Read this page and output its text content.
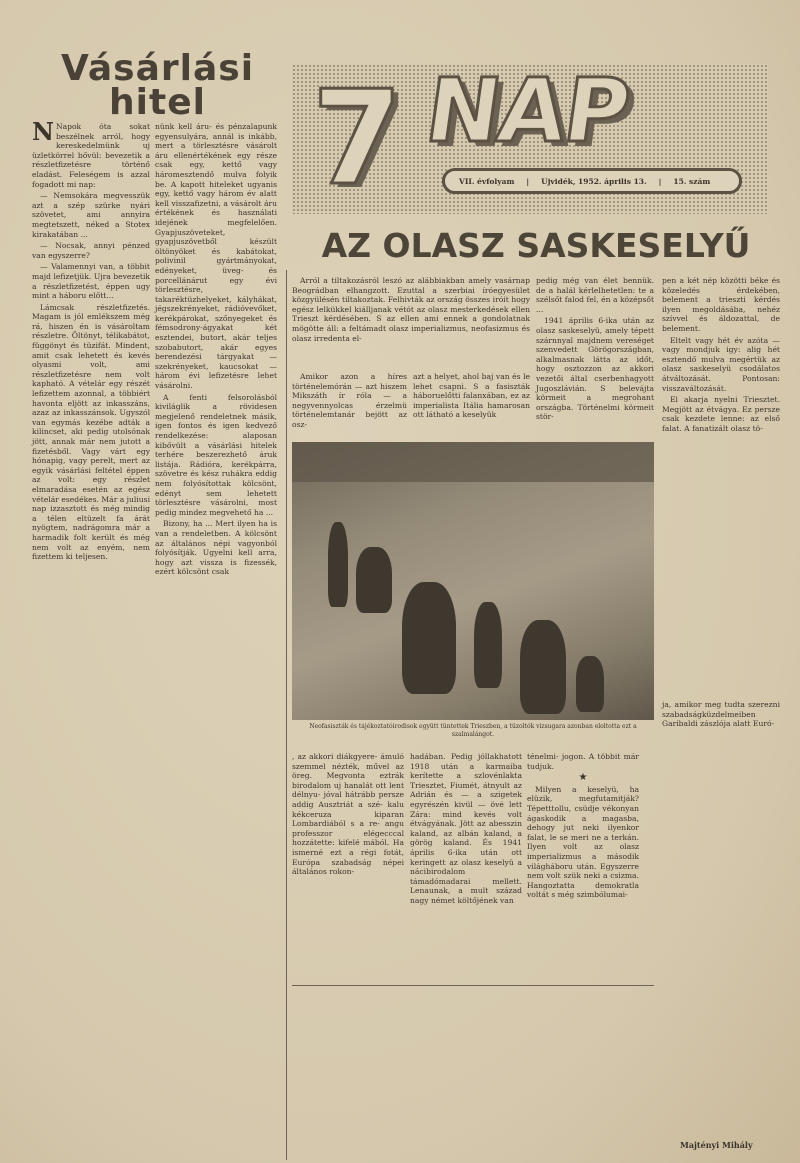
Vásárlási
hitel

N Napok óta sokat beszélnek arról, hogy kereskedelmünk uj üzletkörrel bővül: bevezetik a részletfizetésre történő eladást. Feleségem is azzal fogadott mi nap:

— Nemsokára megvesszük azt a szép szürke nyári szövetet, ami annyira megtetszett, néked a Stotex kirakatában ...

— Nocsak, annyi pénzed van egyszerre?

— Valamennyi van, a többit majd lefizetjük. Ujra bevezetik a részletfizetést, éppen ugy mint a háboru előtt...

Lámcsak részletfizetés. Magam is jól emlékszem még rá, hiszen én is vásároltam részletre. Öltönyt, télikabátot, függönyt és tüzifát. Mindent, amit csak lehetett és kevés olyasmi volt, ami részletfizetésre nem volt kapható. A vételár egy részét lefizettem azonnal, a többiért havonta eljött az inkasszáns, azaz az inkasszánsok. Ugyszól van egymás kezébe adták a kilincset, aki pedig utolsónak jött, annak már nem jutott a fizetésből. Vagy várt egy hónapig, vagy perelt, mert az egyik vásárlási feltétel éppen az volt: egy részlet elmaradása esetén az egész vételár esedékes. Már a juliusi nap izzasztott és még mindig a télen eltüzelt fa árát nyögtem, nadrágomra már a harmadik folt került és még nem volt az enyém, nem fizettem ki teljesen.

nünk kell áru- és pénzalapunk egyensulyára, annál is inkább, mert a törlesztésre vásárolt áru ellenértékének egy része csak egy, kettő vagy háromesztendő mulva folyik be. A kapott hiteleket ugyanis egy, kettő vagy három év alatt kell visszafizetni, a vásárolt áru értékének és használati idejének megfelelően. Gyapjuszöveteket, gyapjuszövetből készült öltönyöket és kabátokat, polivinil gyártmányokat, edényeket, üveg- és porcellánárut egy évi törlesztésre, takaréktüzhelyeket, kályhákat, jégszekrényeket, rádióvevőket, kerékpárokat, szőnyegeket és fémsodrony-ágyakat két esztendei, butort, akár teljes szobabutort, akár egyes berendezési tárgyakat — szekrényeket, kaucsokat — három évi lefizetésre lehet vásárolni.

A fenti felsorolásból kiviláglik a rövidesen megjelenő rendeletnek másik, igen fontos és igen kedvező rendelkezése: alaposan kibővült a vásárlási hitelek terhére beszerezhető áruk listája. Rádióra, kerékpárra, szövetre és kész ruhákra eddig nem folyósítottak kölcsönt, edényt sem lehetett törlesztésre vásárolni, most pedig mindez megvehető ha ...

Bizony, ha ... Mert ilyen ha is van a rendeletben. A kölcsönt az általános népi vagyonból folyósítják. Ugyelni kell arra, hogy azt vissza is fizessék, ezért kölcsönt csak

7 NAP
VII. évfolyam | Ujvidék, 1952. április 13. | 15. szám
AZ OLASZ SASKESELYŰ

Arról a tiltakozásról leszó az alábbiakban amely vasárnap Beográdban elhangzott. Ezuttal a szerbiai íróegyesület közgyülésén tiltakoztak. Felhivták az ország összes iróit hogy egész lelkükkel kiálljanak vétót az olasz mesterkedések ellen Trieszt kérdésében. S az ellen ami ennek a gondolatnak mögötte áll: a feltámadt olasz imperializmus, neofasizmus és olasz irredenta el-

Amikor azon a híres történelemórán — azt hiszem Mikszáth ír róla — a negyvennyolcas érzelmü történelemtanár bejött az osz-

azt a helyet, ahol baj van és le lehet csapni. S a fasiszták háboruelőtti falanxában, ez az imperialista Itália hamarosan ott látható a keselyük

pedig még van élet bennük. de a halál kérlelhetetlen: te a szélsőt falod fel, én a középsőt ...

1941 április 6-ika után az olasz saskeselyü, amely tépett szárnnyal majdnem vereséget szenvedett Görögországban, alkalmasnak látta az időt, hogy osztozzon az akkori vezetői által cserbenhagyott Jugoszlávián. S belevájta körmeit a megrohant országba. Történelmi körmeit stör-

pen a két nép közötti béke és közeledés érdekében, belement a trieszti kérdés ilyen megoldásába, nehéz szívvel és áldozattal, de belement.

Eltelt vagy hét év azóta — vagy mondjuk igy: alig hét esztendő mulva megértük az olasz saskeselyü csodálatos átváltozását. Pontosan: visszaváltozását.

El akarja nyelni Triesztet. Megjött az étvágya. Ez persze csak kezdete lenne: az első falat. A fanatizált olasz tö-

Neofasiszták és tájékoztatóirodisok együtt tüntettek Trieszben, a tüzoltók vizsugara azonban eloltotta ezt a szalmalángot.

ja, amikor meg tudta szerezni szabadságküzdelmeiben Garibaldi zászlója alatt Euró-

, az akkori diákgyere- ámuló szemmel nézték, művel az öreg. Megvonta eztrák birodalom uj hanalát ott lent délnyu- jóval hátrább persze addig Ausztriát a szé- kalu kékceruza kiparan Lombardiából s a re- angu professzor elégecccal hozzátette: kifelé mából. Ha ismerné ezt a régi fotát, Európa szabadság népei általános rokon-

hadában. Pedig jóllakhatott 1918 után a karmaiba kerítette a szlovénlakta Triesztet, Fiumét, átnyult az Adrián és — a szigetek egyrészén kivül — övé lett Zára: mind kevés volt étvágyának. Jött az abesszin kaland, az albán kaland, a görög kaland. És 1941 április 6-ika után ott keringett az olasz keselyü a nácibirodalom támadómadarai mellett. Lenaunak, a mult század nagy német költőjének van

ténelmi- jogon. A többit már tudjuk.

★

Milyen a keselyü, ha elüzik, megfutamitják? Tépetttollu, csüdje vékonyan ágaskodik a magasba, dehogy jut neki ilyenkor falat, le se meri ne a terkán. Ilyen volt az olasz imperializmus a második világháboru után. Egyszerre nem volt szük neki a csizma. Hangoztatta demokratla voltát s még szimbólumai-

Majtényi Mihály
